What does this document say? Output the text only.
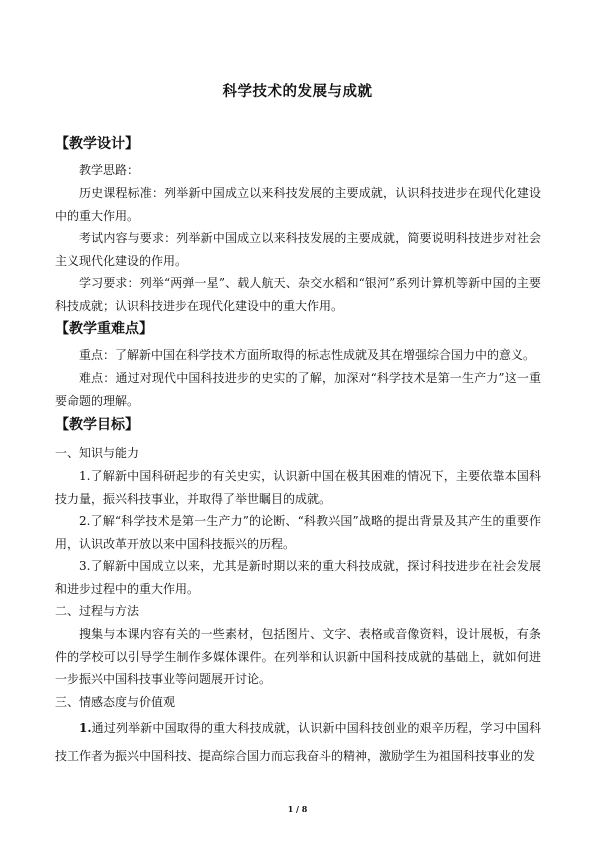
科学技术的发展与成就
【教学设计】

教学思路：

历史课程标准：列举新中国成立以来科技发展的主要成就，认识科技进步在现代化建设中的重大作用。

考试内容与要求：列举新中国成立以来科技发展的主要成就，简要说明科技进步对社会主义现代化建设的作用。

学习要求：列举“两弹一星”、载人航天、杂交水稻和“银河”系列计算机等新中国的主要科技成就；认识科技进步在现代化建设中的重大作用。

【教学重难点】

重点：了解新中国在科学技术方面所取得的标志性成就及其在增强综合国力中的意义。

难点：通过对现代中国科技进步的史实的了解，加深对“科学技术是第一生产力”这一重要命题的理解。

【教学目标】

一、知识与能力

1.了解新中国科研起步的有关史实，认识新中国在极其困难的情况下，主要依靠本国科技力量，振兴科技事业，并取得了举世瞩目的成就。

2.了解“科学技术是第一生产力”的论断、“科教兴国”战略的提出背景及其产生的重要作用，认识改革开放以来中国科技振兴的历程。

3.了解新中国成立以来，尤其是新时期以来的重大科技成就，探讨科技进步在社会发展和进步过程中的重大作用。

二、过程与方法

搜集与本课内容有关的一些素材，包括图片、文字、表格或音像资料，设计展板，有条件的学校可以引导学生制作多媒体课件。在列举和认识新中国科技成就的基础上，就如何进一步振兴中国科技事业等问题展开讨论。

三、情感态度与价值观

1.通过列举新中国取得的重大科技成就，认识新中国科技创业的艰辛历程，学习中国科技工作者为振兴中国科技、提高综合国力而忘我奋斗的精神，激励学生为祖国科技事业的发

1 / 8
